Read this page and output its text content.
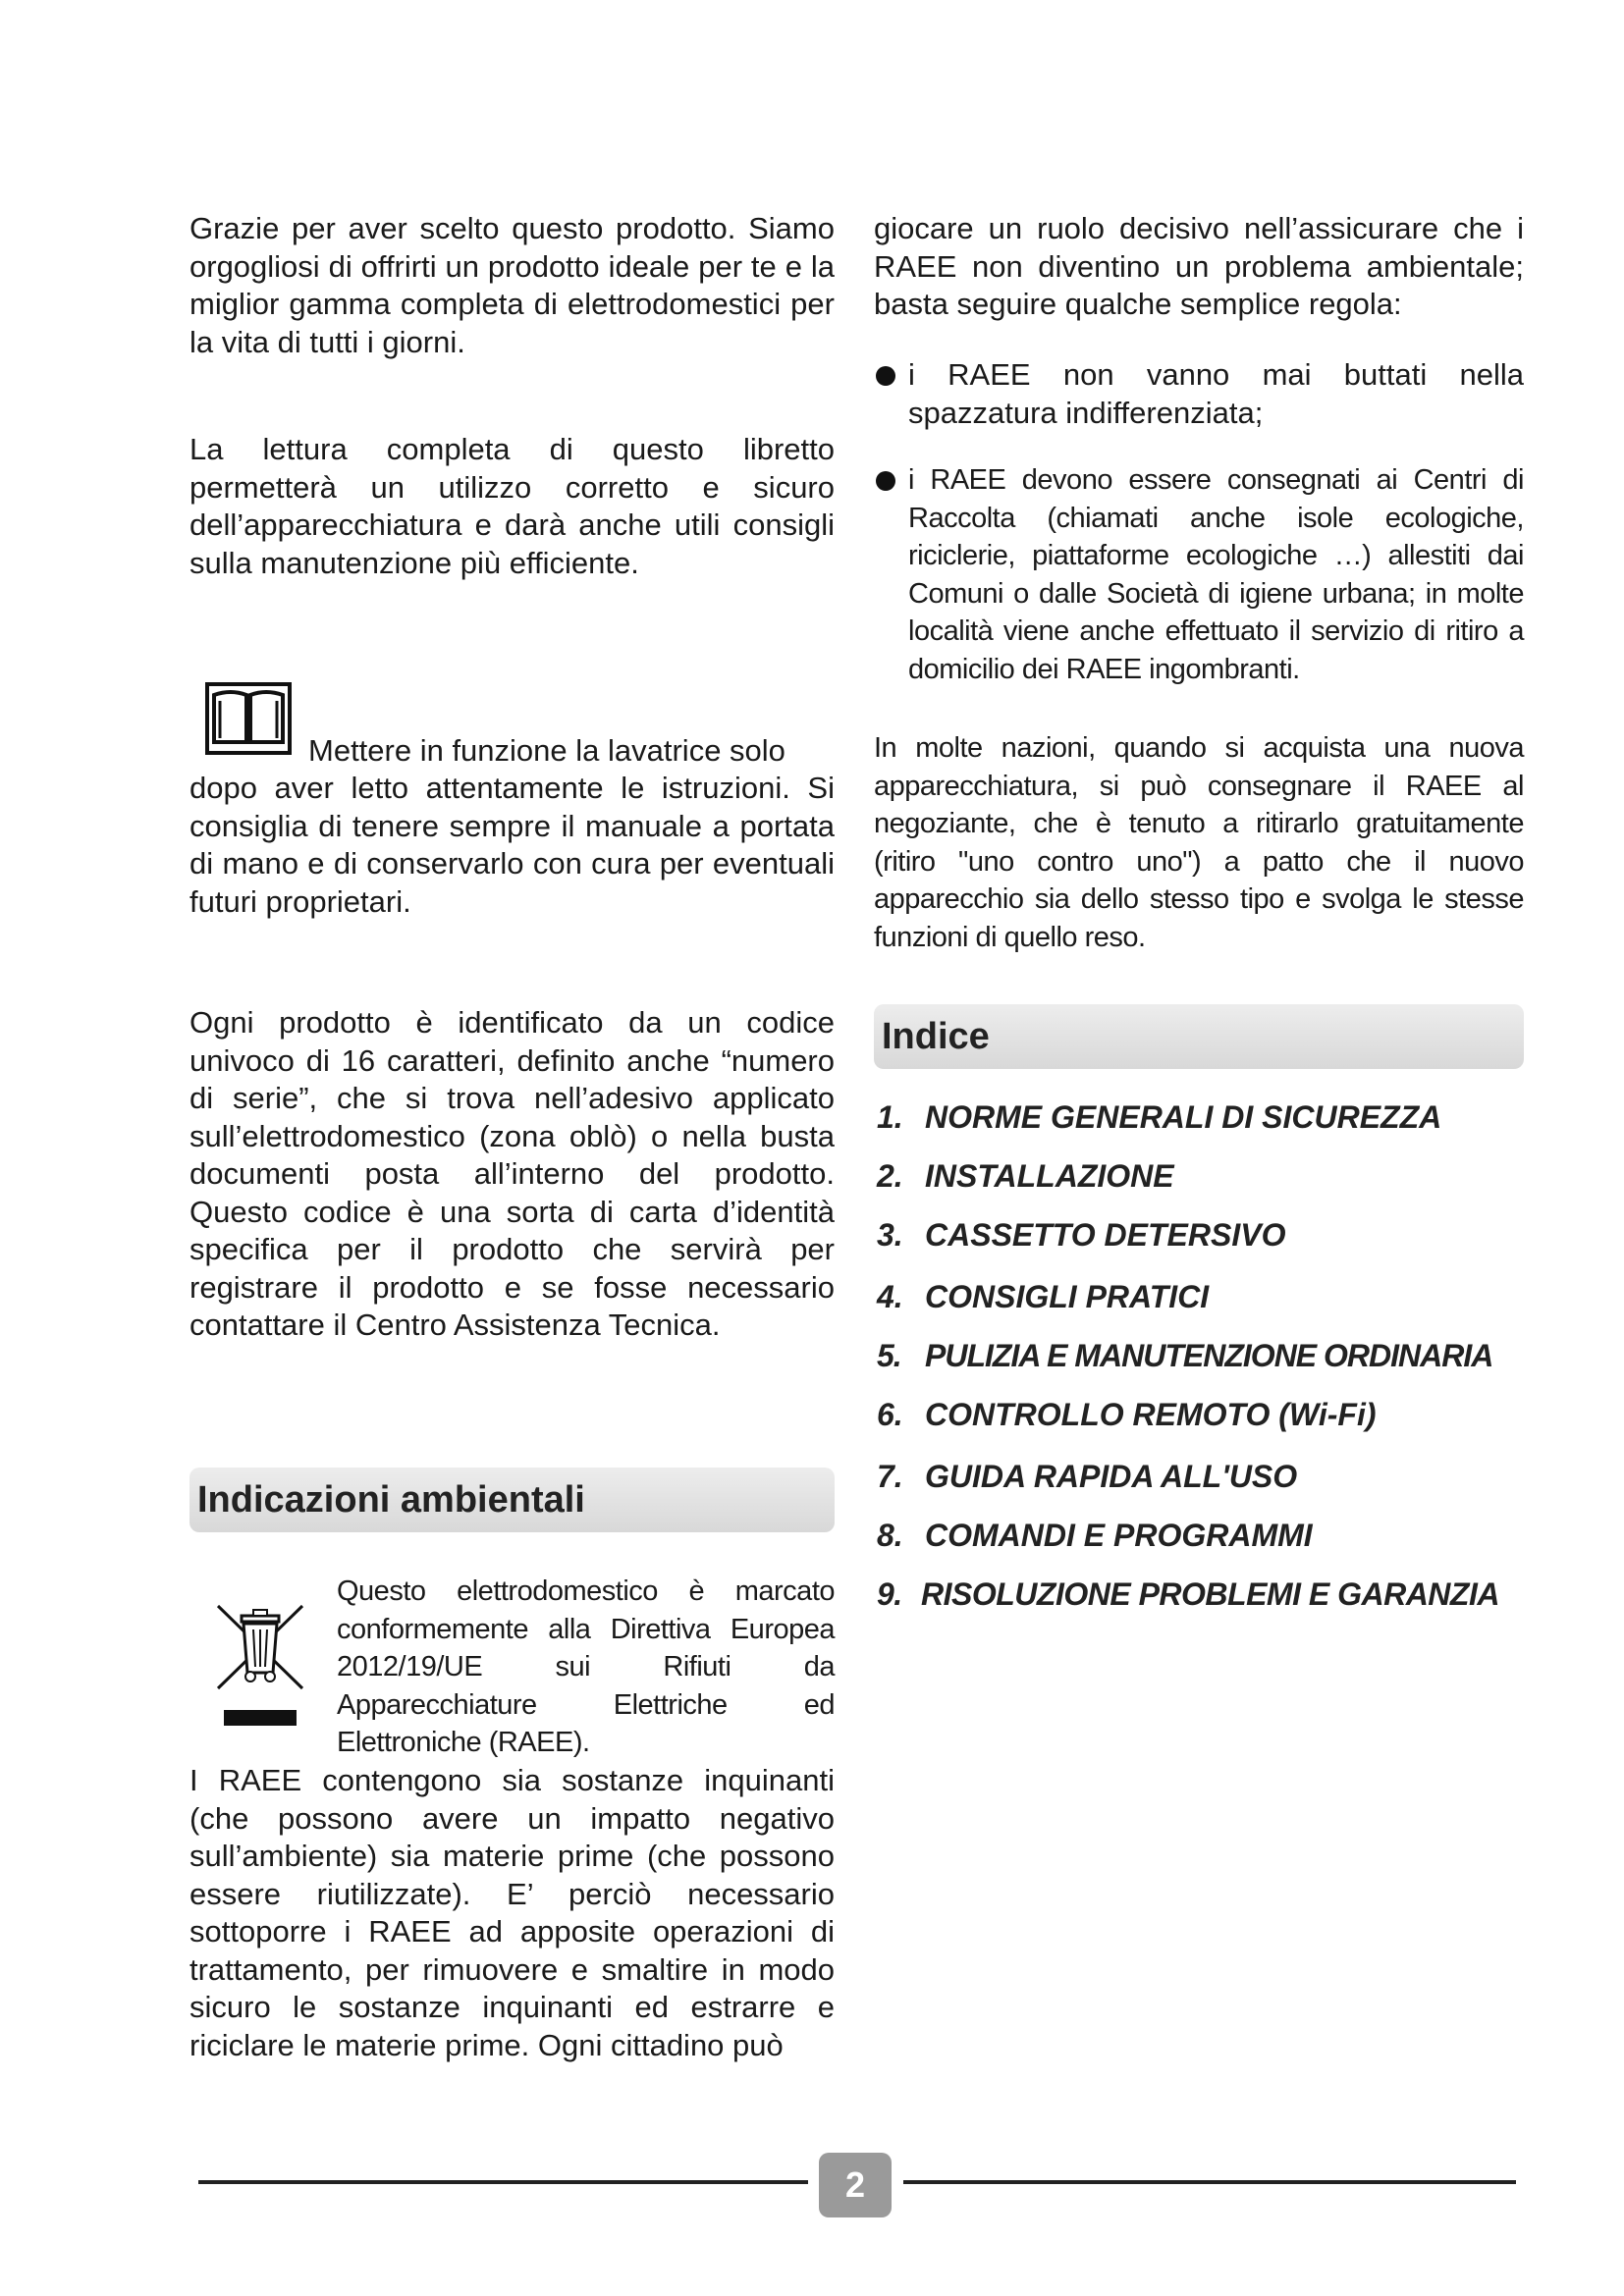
Grazie per aver scelto questo prodotto. Siamo orgogliosi di offrirti un prodotto ideale per te e la miglior gamma completa di elettrodomestici per la vita di tutti i giorni.

La lettura completa di questo libretto permetterà un utilizzo corretto e sicuro dell’apparecchiatura e darà anche utili consigli sulla manutenzione più efficiente.

Mettere in funzione la lavatrice solo

dopo aver letto attentamente le istruzioni. Si consiglia di tenere sempre il manuale a portata di mano e di conservarlo con cura per eventuali futuri proprietari.

Ogni prodotto è identificato da un codice univoco di 16 caratteri, definito anche “numero di serie”, che si trova nell’adesivo applicato sull’elettrodomestico (zona oblò) o nella busta documenti posta all’interno del prodotto. Questo codice è una sorta di carta d’identità specifica per il prodotto che servirà per registrare il prodotto e se fosse necessario contattare il Centro Assistenza Tecnica.

Indicazioni ambientali

Questo elettrodomestico è marcato conformemente alla Direttiva Europea 2012/19/UE sui Rifiuti da Apparecchiature Elettriche ed Elettroniche (RAEE).

I RAEE contengono sia sostanze inquinanti (che possono avere un impatto negativo sull’ambiente) sia materie prime (che possono essere riutilizzate). E’ perciò necessario sottoporre i RAEE ad apposite operazioni di trattamento, per rimuovere e smaltire in modo sicuro le sostanze inquinanti ed estrarre e riciclare le materie prime. Ogni cittadino può

giocare un ruolo decisivo nell’assicurare che i RAEE non diventino un problema ambientale; basta seguire qualche semplice regola:

i RAEE non vanno mai buttati nella spazzatura indifferenziata;

i RAEE devono essere consegnati ai Centri di Raccolta (chiamati anche isole ecologiche, riciclerie, piattaforme ecologiche …) allestiti dai Comuni o dalle Società di igiene urbana; in molte località viene anche effettuato il servizio di ritiro a domicilio dei RAEE ingombranti.

In molte nazioni, quando si acquista una nuova apparecchiatura, si può consegnare il RAEE al negoziante, che è tenuto a ritirarlo gratuitamente (ritiro "uno contro uno") a patto che il nuovo apparecchio sia dello stesso tipo e svolga le stesse funzioni di quello reso.

Indice
1. NORME GENERALI DI SICUREZZA
2. INSTALLAZIONE
3. CASSETTO DETERSIVO
4. CONSIGLI PRATICI
5. PULIZIA E MANUTENZIONE ORDINARIA
6. CONTROLLO REMOTO (Wi-Fi)
7. GUIDA RAPIDA ALL'USO
8. COMANDI E PROGRAMMI
9. RISOLUZIONE PROBLEMI E GARANZIA
2
